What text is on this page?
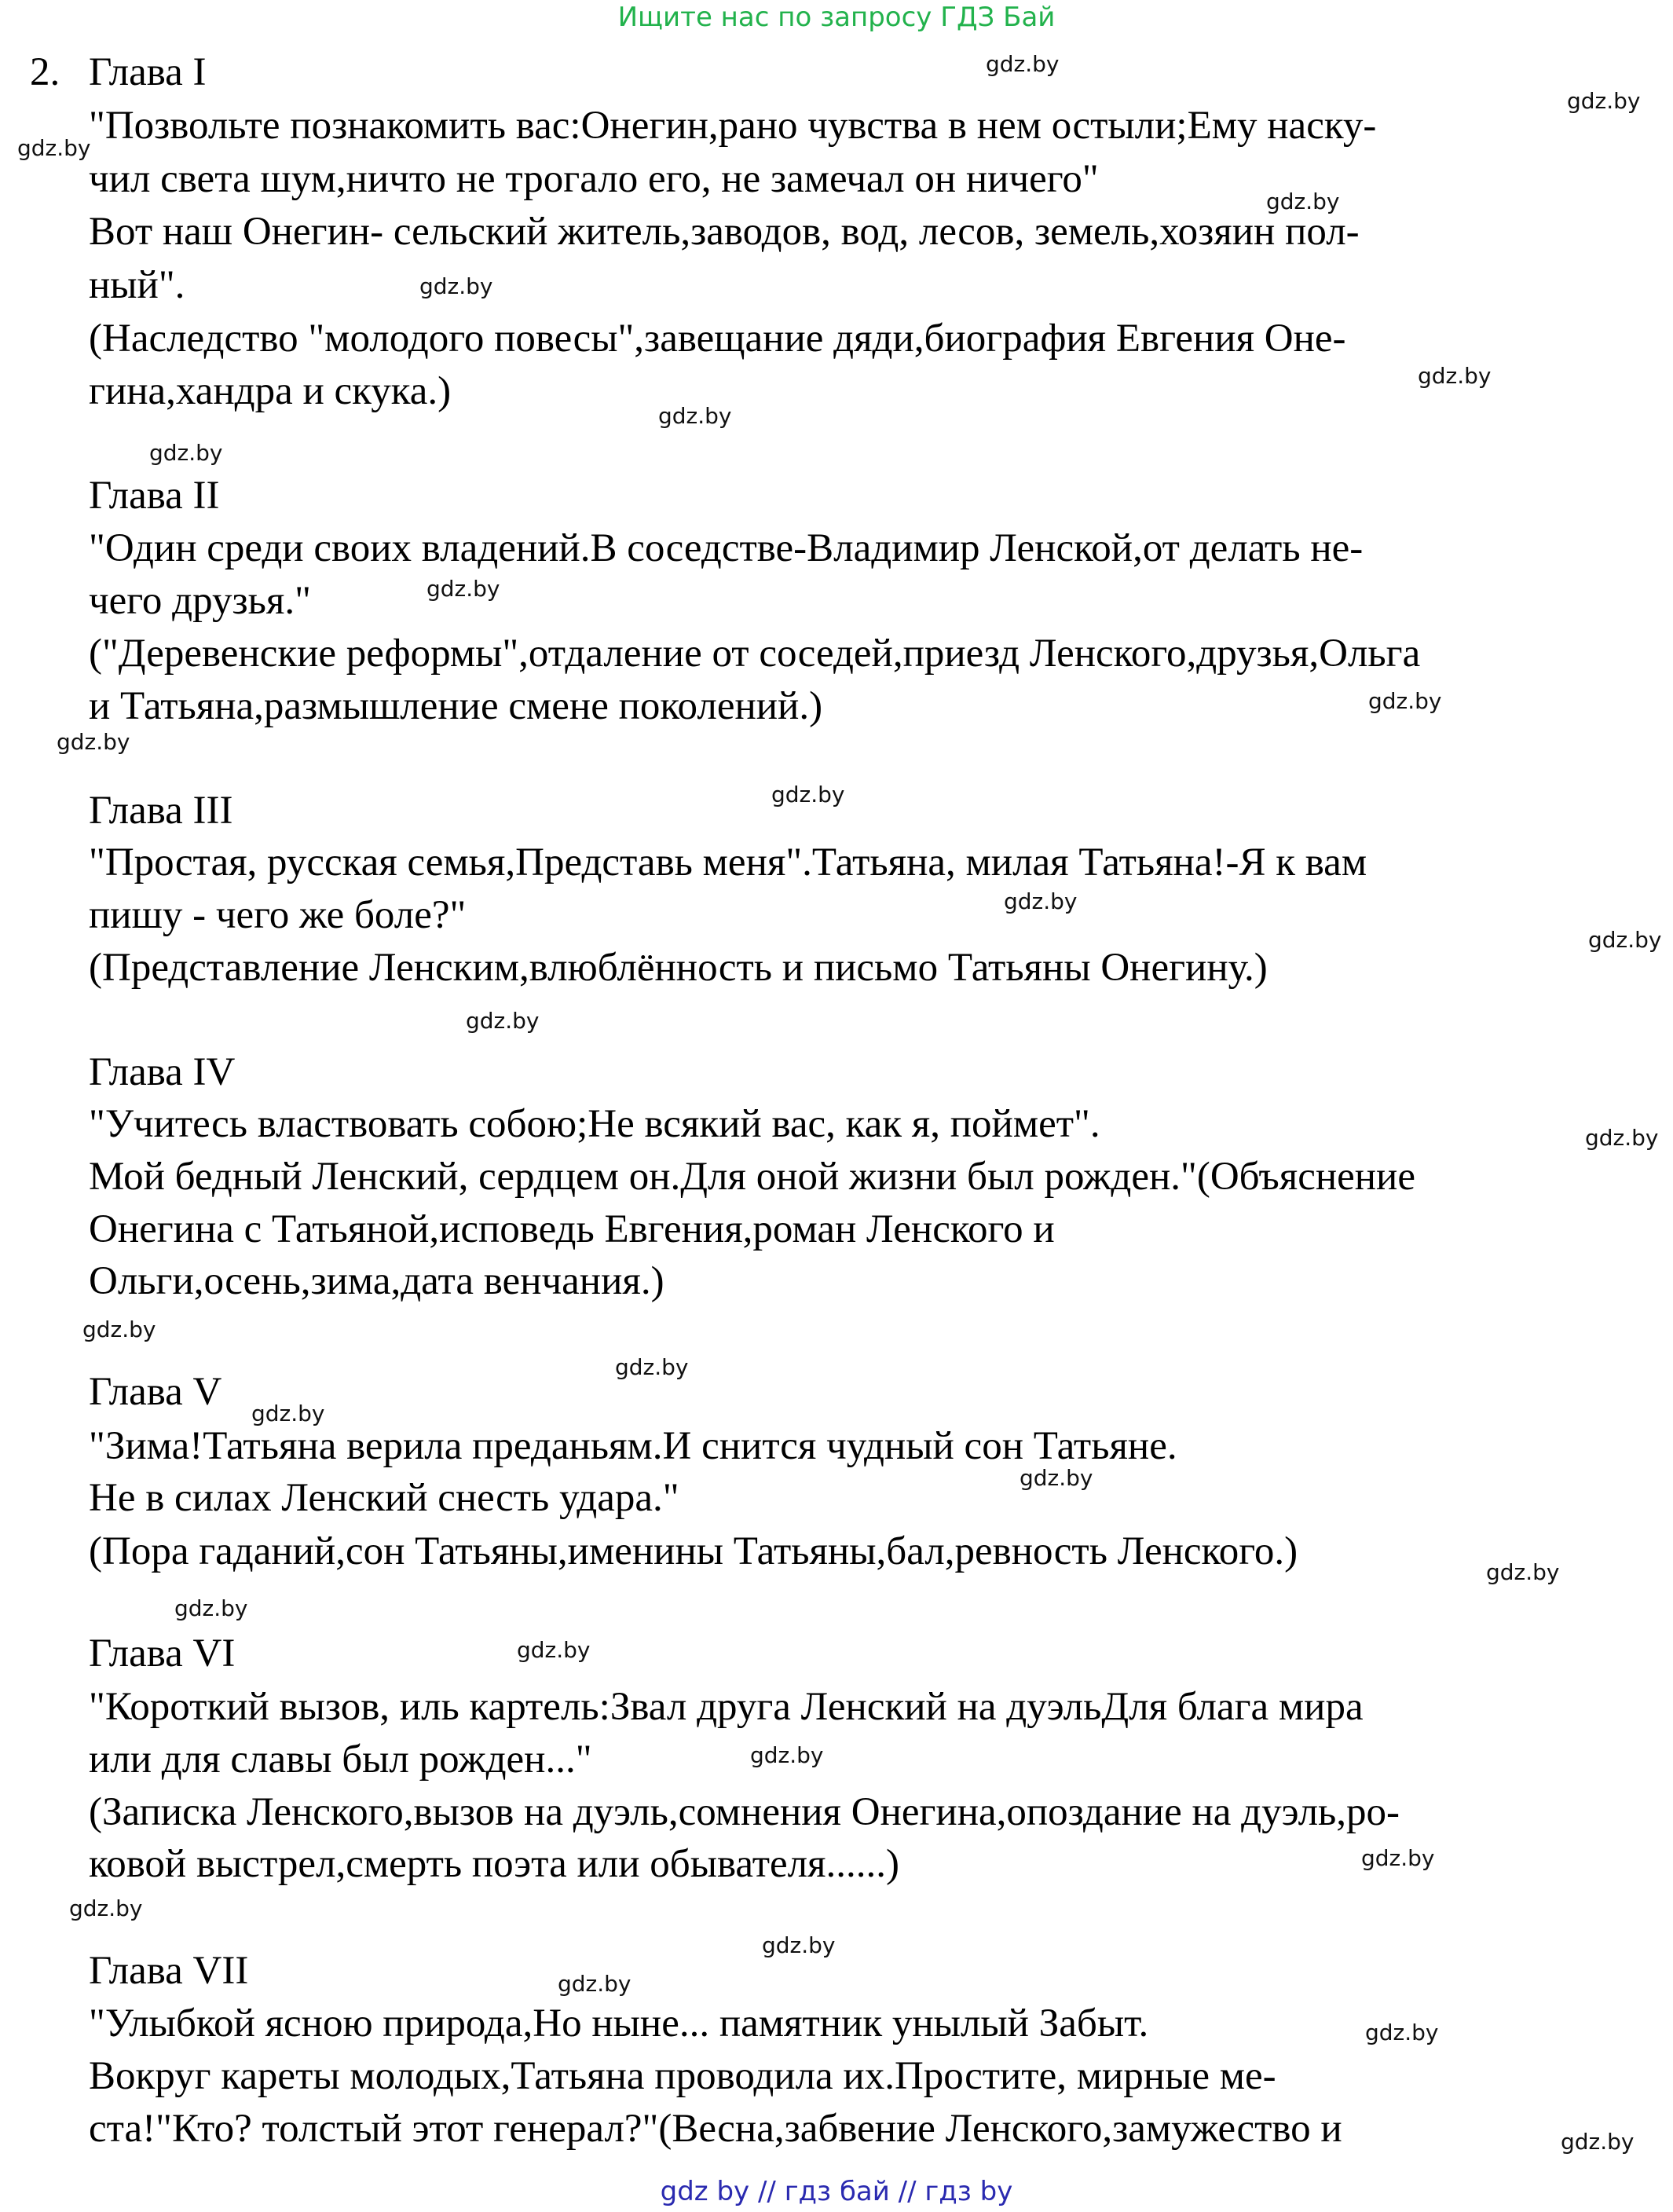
Ищите нас по запросу ГДЗ Бай
2. Глава I
"Позвольте познакомить вас:Онегин,рано чувства в нем остыли;Ему наску-
чил света шум,ничто не трогало его, не замечал он ничего"
Вот наш Онегин- сельский житель,заводов, вод, лесов, земель,хозяин пол-
ный".
(Наследство "молодого повесы",завещание дяди,биография Евгения Оне-
гина,хандра и скука.)
Глава II
"Один среди своих владений.В соседстве-Владимир Ленской,от делать не-
чего друзья."
("Деревенские реформы",отдаление от соседей,приезд Ленского,друзья,Ольга
и Татьяна,размышление смене поколений.)
Глава III
"Простая, русская семья,Представь меня".Татьяна, милая Татьяна!-Я к вам
пишу - чего же боле?"
(Представление Ленским,влюблённость и письмо Татьяны Онегину.)
Глава IV
"Учитесь властвовать собою;Не всякий вас, как я, поймет".
Мой бедный Ленский, сердцем он.Для оной жизни был рожден."(Объяснение
Онегина с Татьяной,исповедь Евгения,роман Ленского и
Ольги,осень,зима,дата венчания.)
Глава V
"Зима!Татьяна верила преданьям.И снится чудный сон Татьяне.
Не в силах Ленский снесть удара."
(Пора гаданий,сон Татьяны,именины Татьяны,бал,ревность Ленского.)
Глава VI
"Короткий вызов, иль картель:Звал друга Ленский на дуэльДля блага мира
или для славы был рожден..."
(Записка Ленского,вызов на дуэль,сомнения Онегина,опоздание на дуэль,ро-
ковой выстрел,смерть поэта или обывателя......)
Глава VII
"Улыбкой ясною природа,Но ныне... памятник унылый Забыт.
Вокруг кареты молодых,Татьяна проводила их.Простите, мирные ме-
ста!"Кто? толстый этот генерал?"(Весна,забвение Ленского,замужество и
gdz.by
gdz.by
gdz.by
gdz.by
gdz.by
gdz.by
gdz.by
gdz.by
gdz.by
gdz.by
gdz.by
gdz.by
gdz.by
gdz.by
gdz.by
gdz.by
gdz.by
gdz.by
gdz.by
gdz.by
gdz.by
gdz.by
gdz.by
gdz.by
gdz.by
gdz.by
gdz.by
gdz.by
gdz.by
gdz.by
gdz by // гдз бай // гдз by
